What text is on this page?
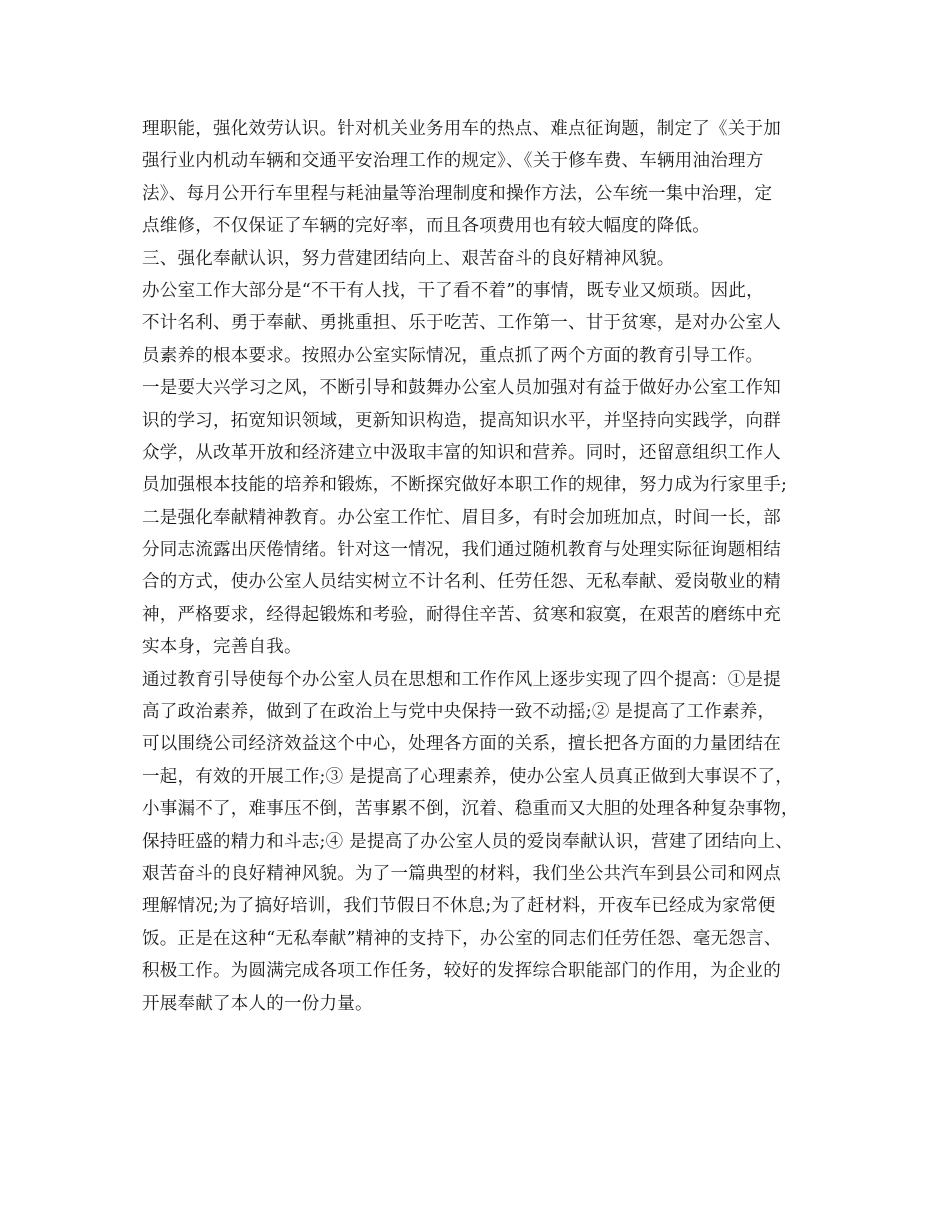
理职能，强化效劳认识。针对机关业务用车的热点、难点征询题，制定了《关于加
强行业内机动车辆和交通平安治理工作的规定》、《关于修车费、车辆用油治理方
法》、每月公开行车里程与耗油量等治理制度和操作方法，公车统一集中治理，定
点维修，不仅保证了车辆的完好率，而且各项费用也有较大幅度的降低。
三、强化奉献认识，努力营建团结向上、艰苦奋斗的良好精神风貌。
办公室工作大部分是“不干有人找，干了看不着”的事情，既专业又烦琐。因此，
不计名利、勇于奉献、勇挑重担、乐于吃苦、工作第一、甘于贫寒，是对办公室人
员素养的根本要求。按照办公室实际情况，重点抓了两个方面的教育引导工作。
一是要大兴学习之风，不断引导和鼓舞办公室人员加强对有益于做好办公室工作知
识的学习，拓宽知识领域，更新知识构造，提高知识水平，并坚持向实践学，向群
众学，从改革开放和经济建立中汲取丰富的知识和营养。同时，还留意组织工作人
员加强根本技能的培养和锻炼，不断探究做好本职工作的规律，努力成为行家里手;
二是强化奉献精神教育。办公室工作忙、眉目多，有时会加班加点，时间一长，部
分同志流露出厌倦情绪。针对这一情况，我们通过随机教育与处理实际征询题相结
合的方式，使办公室人员结实树立不计名利、任劳任怨、无私奉献、爱岗敬业的精
神，严格要求，经得起锻炼和考验，耐得住辛苦、贫寒和寂寞，在艰苦的磨练中充
实本身，完善自我。
通过教育引导使每个办公室人员在思想和工作作风上逐步实现了四个提高：①是提
高了政治素养，做到了在政治上与党中央保持一致不动摇;② 是提高了工作素养，
可以围绕公司经济效益这个中心，处理各方面的关系，擅长把各方面的力量团结在
一起，有效的开展工作;③ 是提高了心理素养，使办公室人员真正做到大事误不了，
小事漏不了，难事压不倒，苦事累不倒，沉着、稳重而又大胆的处理各种复杂事物，
保持旺盛的精力和斗志;④ 是提高了办公室人员的爱岗奉献认识，营建了团结向上、
艰苦奋斗的良好精神风貌。为了一篇典型的材料，我们坐公共汽车到县公司和网点
理解情况;为了搞好培训，我们节假日不休息;为了赶材料，开夜车已经成为家常便
饭。正是在这种“无私奉献”精神的支持下，办公室的同志们任劳任怨、毫无怨言、
积极工作。为圆满完成各项工作任务，较好的发挥综合职能部门的作用，为企业的
开展奉献了本人的一份力量。
